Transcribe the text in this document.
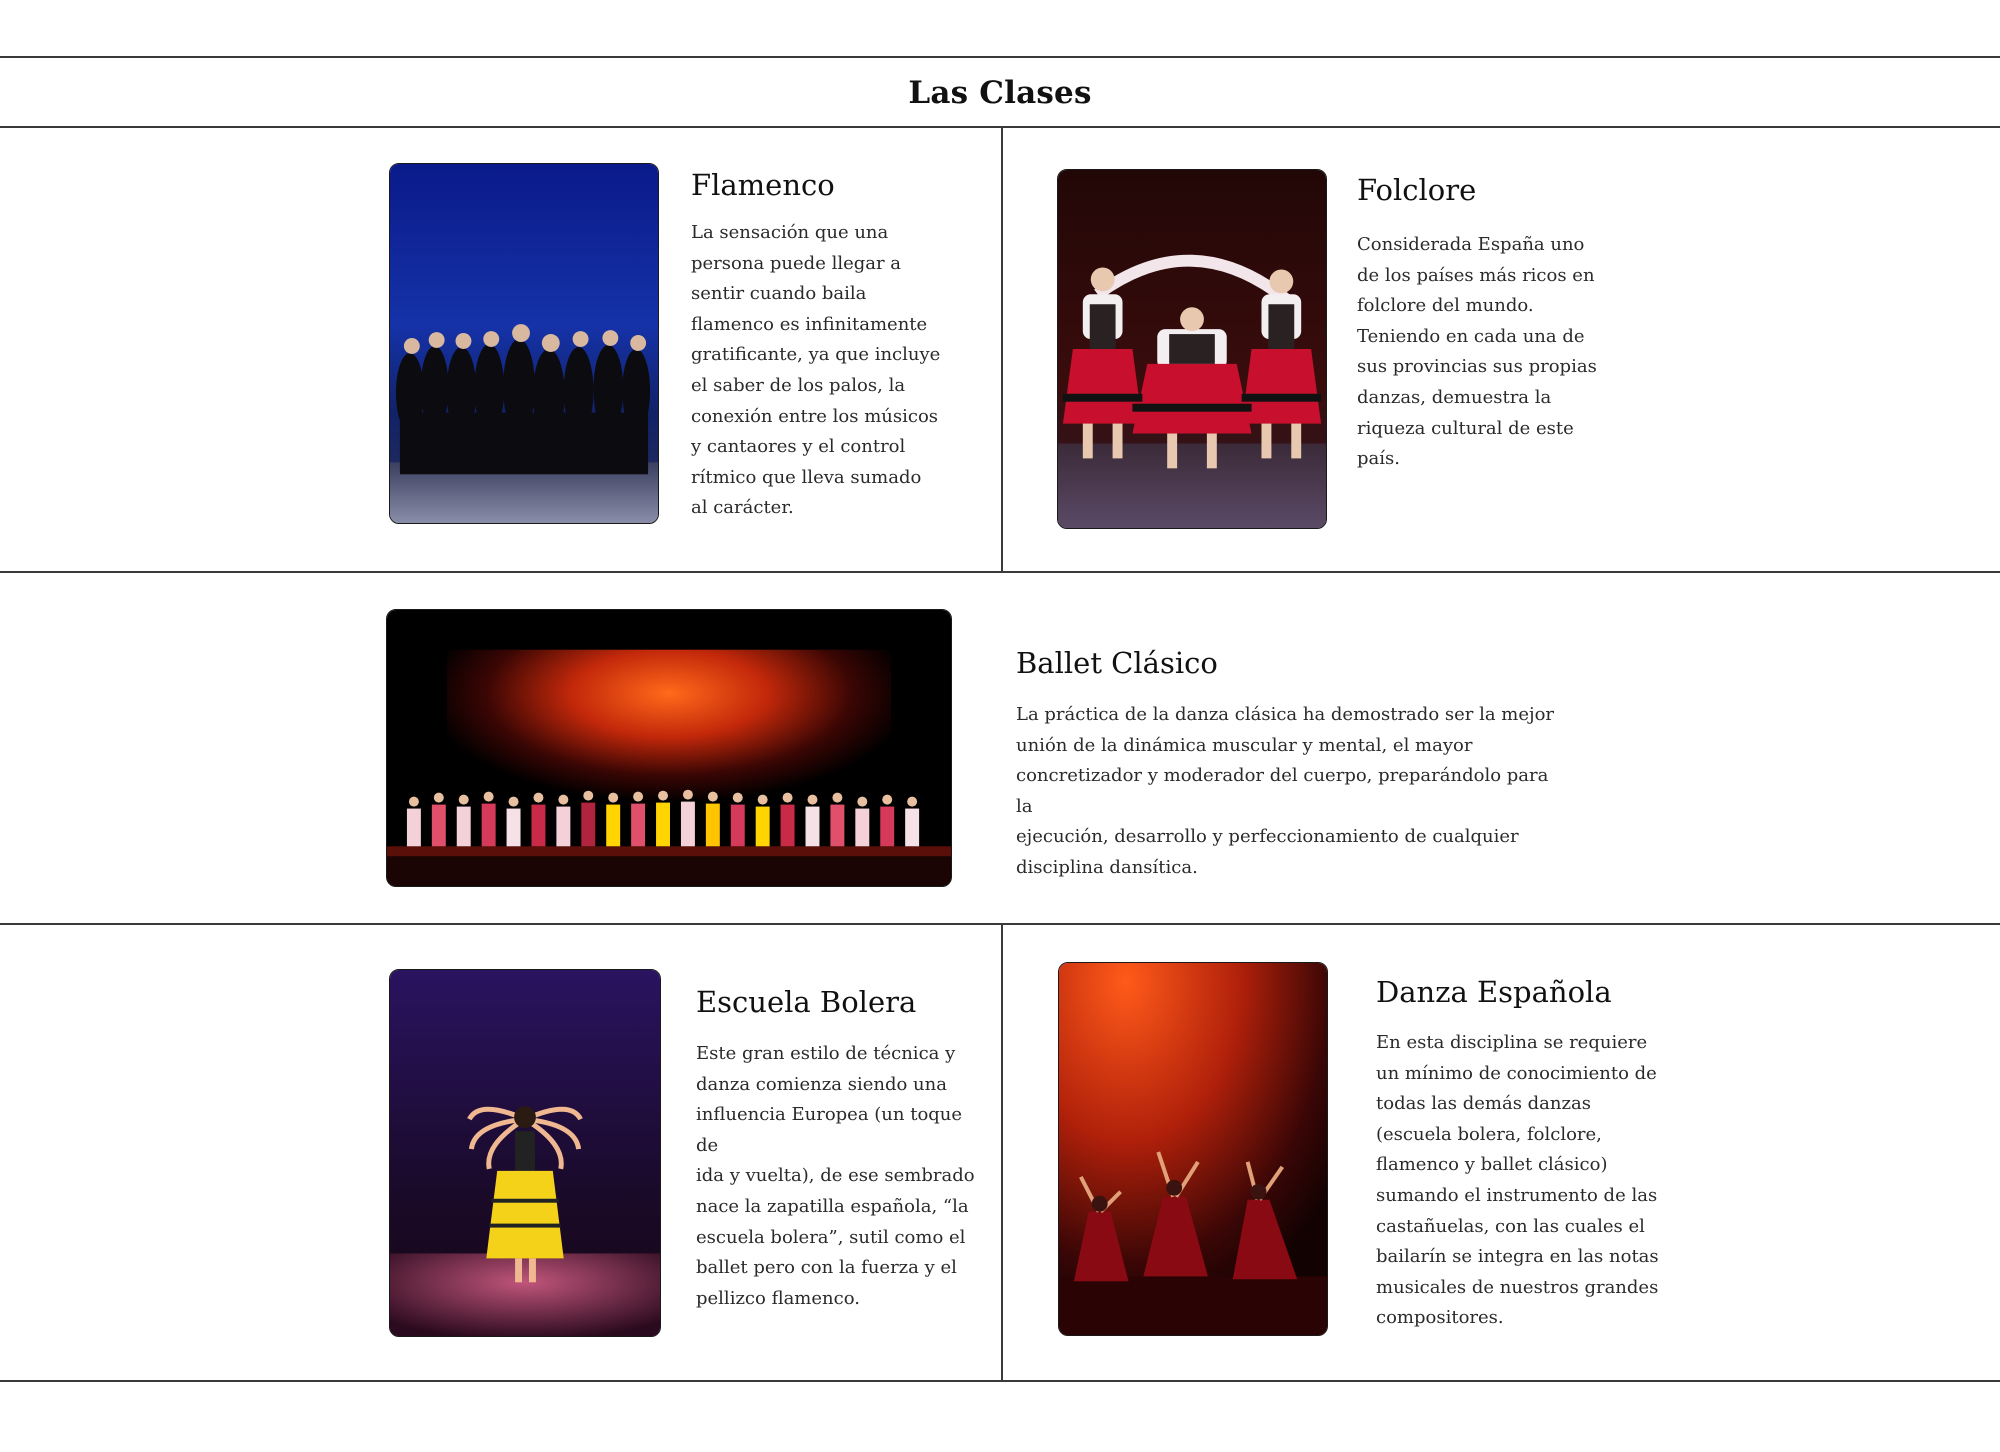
Las Clases
Flamenco

La sensación que una
persona puede llegar a
sentir cuando baila
flamenco es infinitamente
gratificante, ya que incluye
el saber de los palos, la
conexión entre los músicos
y cantaores y el control
rítmico que lleva sumado
al carácter.

Folclore

Considerada España uno
de los países más ricos en
folclore del mundo.
Teniendo en cada una de
sus provincias sus propias
danzas, demuestra la
riqueza cultural de este
país.

Ballet Clásico

La práctica de la danza clásica ha demostrado ser la mejor
unión de la dinámica muscular y mental, el mayor
concretizador y moderador del cuerpo, preparándolo para la
ejecución, desarrollo y perfeccionamiento de cualquier
disciplina dansítica.

Escuela Bolera

Este gran estilo de técnica y
danza comienza siendo una
influencia Europea (un toque de
ida y vuelta), de ese sembrado
nace la zapatilla española, “la
escuela bolera”, sutil como el
ballet pero con la fuerza y el
pellizco flamenco.

Danza Española

En esta disciplina se requiere
un mínimo de conocimiento de
todas las demás danzas
(escuela bolera, folclore,
flamenco y ballet clásico)
sumando el instrumento de las
castañuelas, con las cuales el
bailarín se integra en las notas
musicales de nuestros grandes
compositores.
